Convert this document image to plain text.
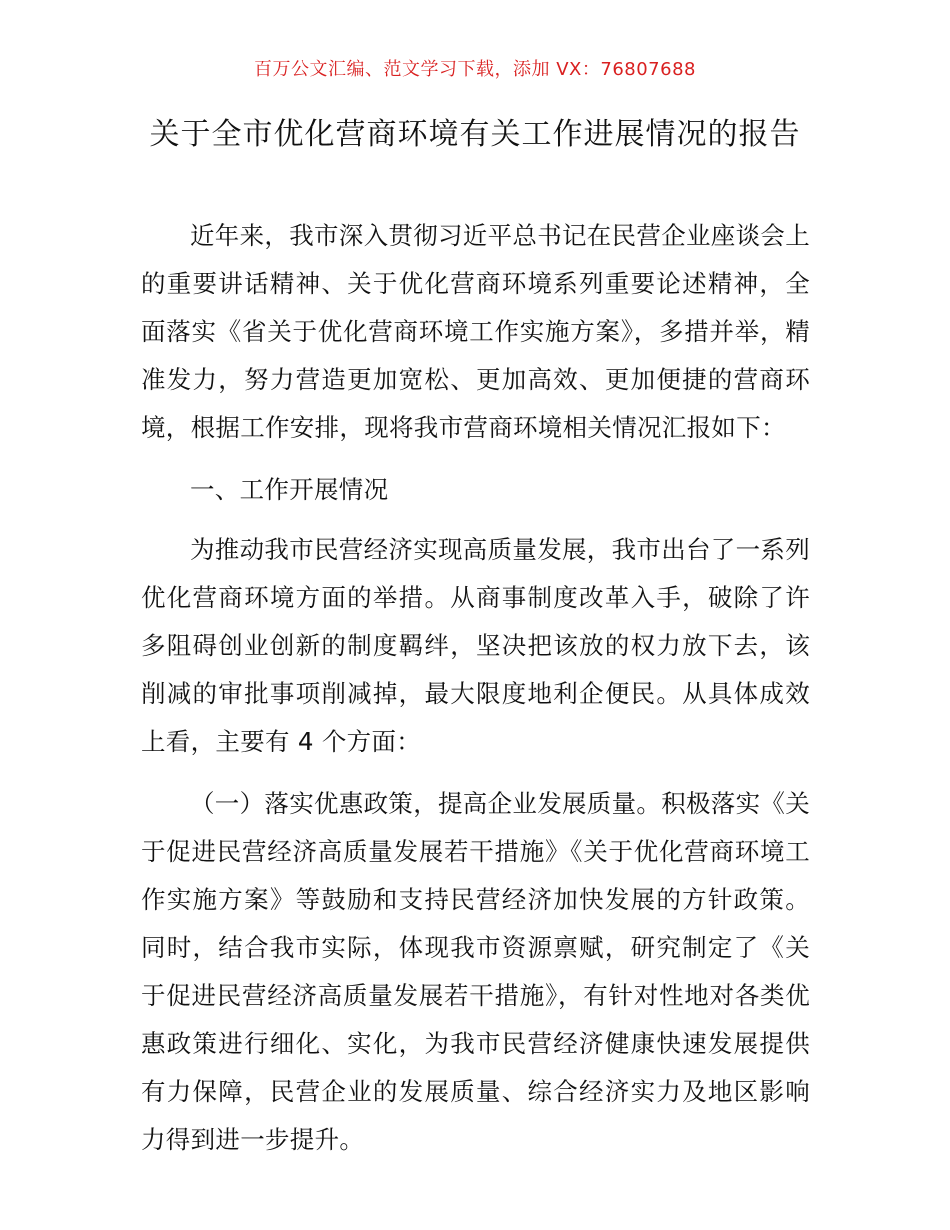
百万公文汇编、范文学习下载，添加 VX：76807688
关于全市优化营商环境有关工作进展情况的报告

近年来，我市深入贯彻习近平总书记在民营企业座谈会上的重要讲话精神、关于优化营商环境系列重要论述精神，全面落实《省关于优化营商环境工作实施方案》，多措并举，精准发力，努力营造更加宽松、更加高效、更加便捷的营商环境，根据工作安排，现将我市营商环境相关情况汇报如下：

一、工作开展情况

为推动我市民营经济实现高质量发展，我市出台了一系列优化营商环境方面的举措。从商事制度改革入手，破除了许多阻碍创业创新的制度羁绊，坚决把该放的权力放下去，该削减的审批事项削减掉，最大限度地利企便民。从具体成效上看，主要有 4 个方面：

（一）落实优惠政策，提高企业发展质量。积极落实《关于促进民营经济高质量发展若干措施》《关于优化营商环境工作实施方案》等鼓励和支持民营经济加快发展的方针政策。同时，结合我市实际，体现我市资源禀赋，研究制定了《关于促进民营经济高质量发展若干措施》，有针对性地对各类优惠政策进行细化、实化，为我市民营经济健康快速发展提供有力保障，民营企业的发展质量、综合经济实力及地区影响力得到进一步提升。
